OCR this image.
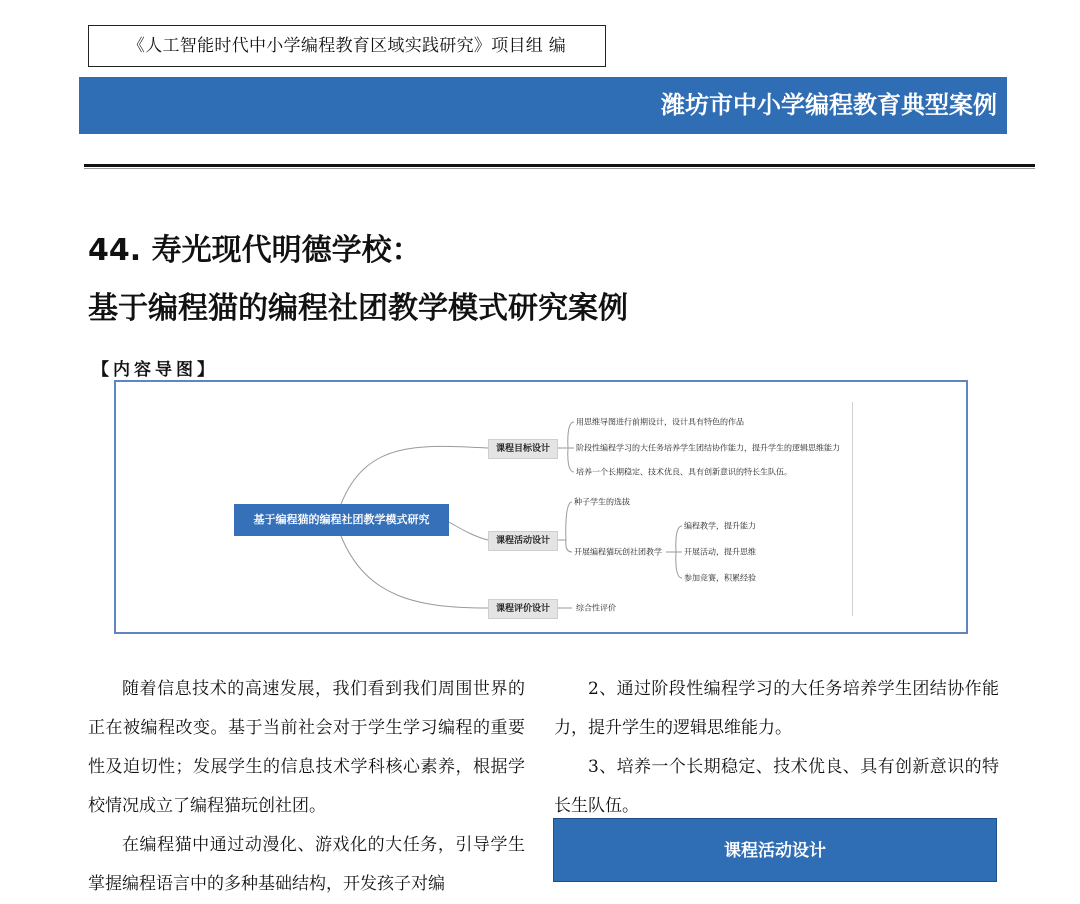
《人工智能时代中小学编程教育区域实践研究》项目组 编
潍坊市中小学编程教育典型案例
44. 寿光现代明德学校：
基于编程猫的编程社团教学模式研究案例
【内容导图】
基于编程猫的编程社团教学模式研究
课程目标设计
课程活动设计
课程评价设计
用思维导图进行前期设计，设计具有特色的作品
阶段性编程学习的大任务培养学生团结协作能力，提升学生的逻辑思维能力
培养一个长期稳定、技术优良、具有创新意识的特长生队伍。
种子学生的选拔
开展编程猫玩创社团教学
编程教学，提升能力
开展活动，提升思维
参加竞赛，积累经验
综合性评价

随着信息技术的高速发展，我们看到我们周围世界的正在被编程改变。基于当前社会对于学生学习编程的重要性及迫切性；发展学生的信息技术学科核心素养，根据学校情况成立了编程猫玩创社团。

在编程猫中通过动漫化、游戏化的大任务，引导学生掌握编程语言中的多种基础结构，开发孩子对编

2、通过阶段性编程学习的大任务培养学生团结协作能力，提升学生的逻辑思维能力。

3、培养一个长期稳定、技术优良、具有创新意识的特长生队伍。

课程活动设计
